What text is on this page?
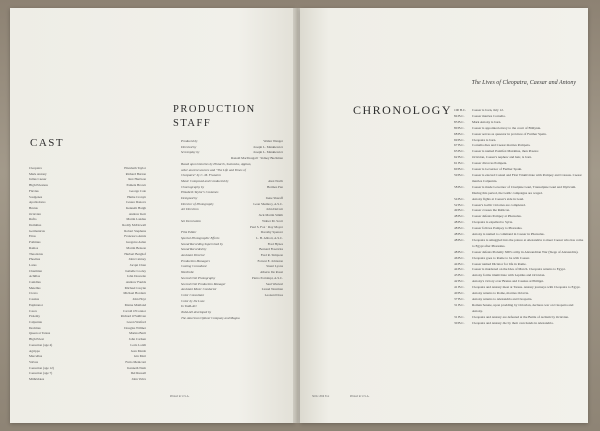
PRODUCTION
STAFF
CAST
Cleopatra	Elizabeth Taylor
Mark Antony	Richard Burton
Julius Caesar	Rex Harrison
High Priestess	Pamela Brown
Flavius	George Cole
Sosigenes	Hume Cronyn
Apollodorus	Cesare Danova
Brutus	Kenneth Haigh
Octavian	Andrew Keir
Rufio	Martin Landau
Domitius	Roddy McDowall
Germanicus	Robert Stephens
Eiras	Francesca Annis
Pothinus	Gregoire Aslan
Ramos	Martin Benson
Theodotus	Herbert Berghof
Phoebus	John Cairney
Lotus	Jacqui Chan
Charmian	Isabelle Cooley
Achillas	John Doucette
Canidius	Andrew Faulds
Metellus	Michael Gwynn
Cicero	Michael Hordern
Cassius	John Hoyt
Euphranor	Marne Maitland
Casca	Carroll O'Connor
Ptolemy	Richard O'Sullivan
Calpurnia	Gwen Watford
Decimus	Douglas Wilmer
Queen at Tarsus	Marina Berti
High Priest	John Carlsen
Caesarion (age 4)	Loris Loddi
Agrippa	Jean Marsh
Marcellus	Gin Mart
Valvus	Furio Meniconi
Caesarion (age 12)	Kenneth Nash
Caesarion (age 7)	Del Russell
Mithridates	John Valva
Produced by	Walter Wanger
Directed by	Joseph L. Mankiewicz
Screenplay by	Joseph L. Mankiewicz
Ranald MacDougall · Sidney Buchman
Based upon histories by Plutarch, Suetonius, Appian,
other ancient sources and "The Life and Times of
Cleopatra" by C. M. Franzero
Music Composed and Conducted by	Alex North
Choreography by	Hermes Pan
Elizabeth Taylor's Costumes
Designed by	Irene Sharaff
Director of Photography	Leon Shamroy, A.S.C.
Art Direction	John DeCuir
Jack Martin Smith
Set Decoration	Walter M. Scott
Paul S. Fox · Ray Moyer
Film Editor	Dorothy Spencer
Special Photographic Effects	L. B. Abbott, A.S.C.
Sound Recording Supervised by	Fred Hynes
Sound Recorded by	Bernard Freericks
Assistant Director	Fred R. Simpson
Production Managers	Forrest E. Johnston
Casting Consultant	Stuart Lyons
Wardrobe	Alberto De Rossi
Second Unit Photography	Pietro Portalupi, A.S.C.
Second Unit Production Manager	Saul Wurtzel
Assistant Music Conductor	Lionel Newman
Color Consultant	Leonard Doss
Color by De Luxe
In Todd-AO
Todd-AO developed by
The American Optical Company and Magna
Printed in U.S.A.
The Lives of Cleopatra, Caesar and Antony
CHRONOLOGY 100 B.C.	Caesar is born, July 12.
84 B.C.	Caesar marries Cornelia.
83 B.C.	Mark Antony is born.
80 B.C.	Caesar is appointed envoy to the court of Bithynia.
68 B.C.	Caesar serves as quaestor in province of Further Spain.
69 B.C.	Cleopatra is born.
67 B.C.	Cornelia dies and Caesar marries Pompeia.
63 B.C.	Caesar is named Pontifex Maximus, then Praetor.
62 B.C.	Octavian, Caesar's nephew and heir, is born.
61 B.C.	Caesar divorces Pompeia.
60 B.C.	Caesar is Governor of Further Spain.
59 B.C.	Caesar is elected Consul and First Triumvirate with Pompey and Crassus. Caesar marries Calpurnia.
58 B.C.	Caesar is made Governor of Cisalpine Gaul, Transalpine Gaul and Illyricum. During this period, the Gallic campaigns are waged.
54 B.C.	Antony fights at Caesar's side in Gaul.
52 B.C.	Caesar's Gallic victories are completed.
49 B.C.	Caesar crosses the Rubicon.
48 B.C.	Caesar defeats Pompey at Pharsalus.
48 B.C.	Cleopatra is expelled to Syria.
48 B.C.	Caesar follows Pompey to Pharsalus.
48 B.C.	Antony is named to command in Caesar in Pharsalus.
48 B.C.	Cleopatra is smuggled into the palace at Alexandria to meet Caesar who has come to Egypt after Pharsalus.
48 B.C.	Caesar defeats Ptolemy XIII's army in Alexandrian War (Siege of Alexandria).
46 B.C.	Cleopatra goes to Rome to be with Caesar.
44 B.C.	Caesar named Dictator for life in Rome.
44 B.C.	Caesar is murdered on the Ides of March. Cleopatra returns to Egypt.
43 B.C.	Antony forms triumvirate with Lepidus and Octavian.
42 B.C.	Antony's victory over Brutus and Cassius at Philippi.
41 B.C.	Cleopatra and Antony meet at Tarsus. Antony journeys with Cleopatra to Egypt.
40 B.C.	Antony returns to Rome, marries Octavia.
37 B.C.	Antony returns to Alexandria and Cleopatra.
31 B.C.	Roman Senate, upon prodding by Octavian, declares war on Cleopatra and Antony.
31 B.C.	Cleopatra and Antony are defeated at the Battle of Actium by Octavian.
30 B.C.	Cleopatra and Antony die by their own hands in Alexandria.
Stills: 20th Fox	Printed in U.S.A.
